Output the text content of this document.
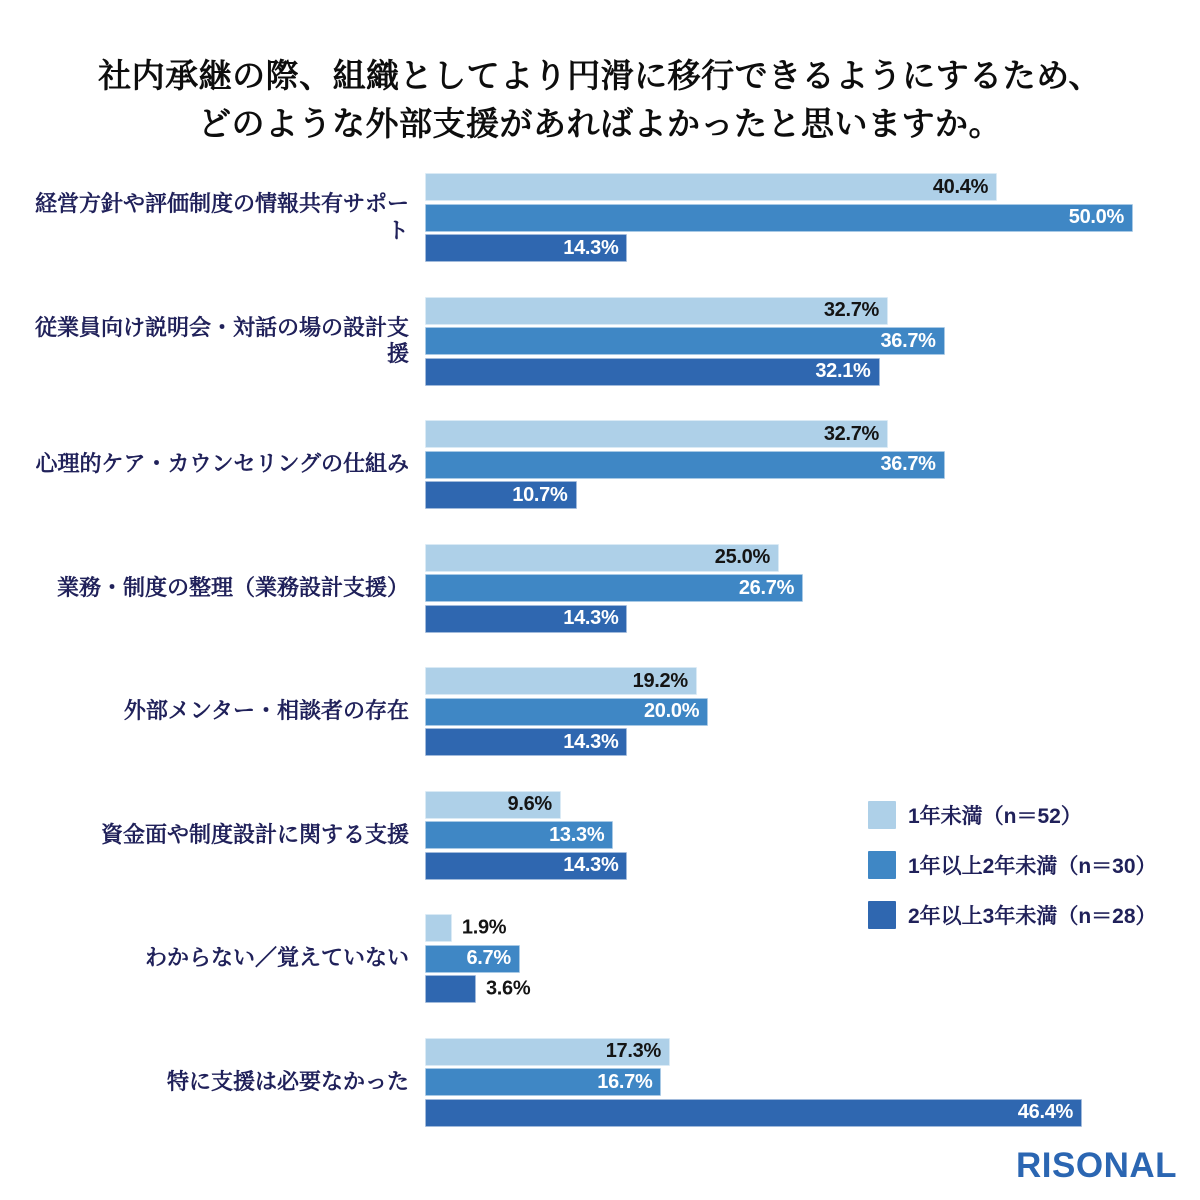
社内承継の際、組織としてより円滑に移行できるようにするため、
どのような外部支援があればよかったと思いますか。
経営方針や評価制度の情報共有サポート
40.4%
50.0%
14.3%
従業員向け説明会・対話の場の設計支援
32.7%
36.7%
32.1%
心理的ケア・カウンセリングの仕組み
32.7%
36.7%
10.7%
業務・制度の整理（業務設計支援）
25.0%
26.7%
14.3%
外部メンター・相談者の存在
19.2%
20.0%
14.3%
資金面や制度設計に関する支援
9.6%
13.3%
14.3%
わからない／覚えていない
1.9%
6.7%
3.6%
特に支援は必要なかった
17.3%
16.7%
46.4%
1年未満（n＝52）
1年以上2年未満（n＝30）
2年以上3年未満（n＝28）
RISONAL
